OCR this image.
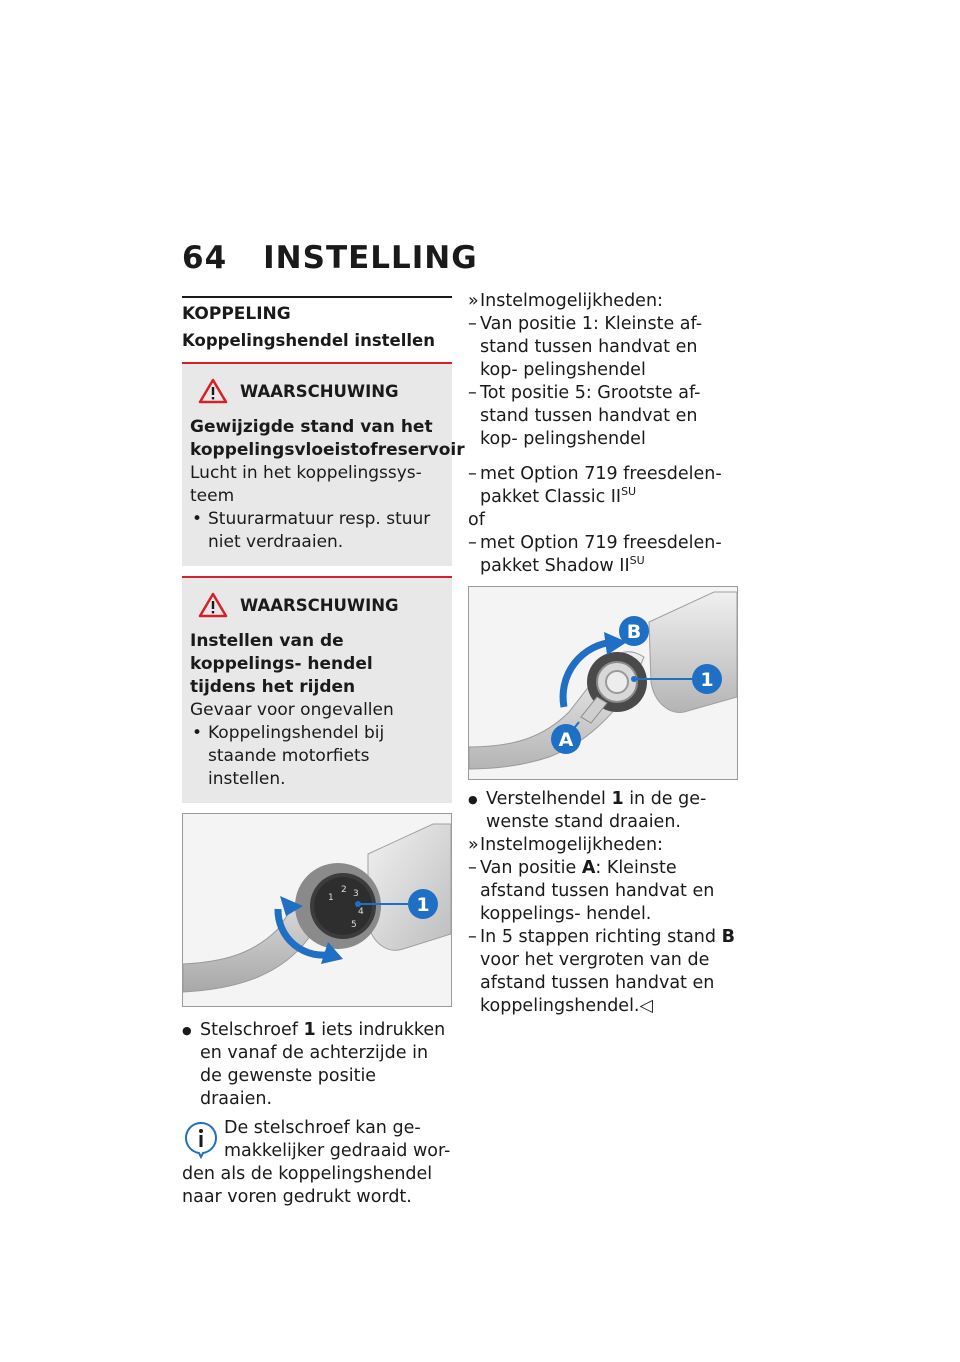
64 INSTELLING
KOPPELING
Koppelingshendel instellen
WAARSCHUWING
Gewijzigde stand van het koppelingsvloeistofreservoir
Lucht in het koppelingssys- teem
• Stuurarmatuur resp. stuur niet verdraaien.
WAARSCHUWING
Instellen van de koppelings- hendel tijdens het rijden
Gevaar voor ongevallen
• Koppelingshendel bij staande motorfiets instellen.
1
1
2 3
4
5
● Stelschroef 1 iets indrukken en vanaf de achterzijde in de gewenste positie draaien.
De stelschroef kan ge-
makkelijker gedraaid wor-
den als de koppelingshendel naar voren gedrukt wordt.
» Instelmogelijkheden:
– Van positie 1: Kleinste af- stand tussen handvat en kop- pelingshendel
– Tot positie 5: Grootste af- stand tussen handvat en kop- pelingshendel
– met Option 719 freesdelen- pakket Classic $II^{SU}$
of
– met Option 719 freesdelen- pakket Shadow $II^{SU}$
1
B
A
● Verstelhendel 1 in de ge- wenste stand draaien.
» Instelmogelijkheden:
– Van positie A: Kleinste afstand tussen handvat en koppelings- hendel.
– In 5 stappen richting stand B voor het vergroten van de afstand tussen handvat en koppelingshendel.◁
